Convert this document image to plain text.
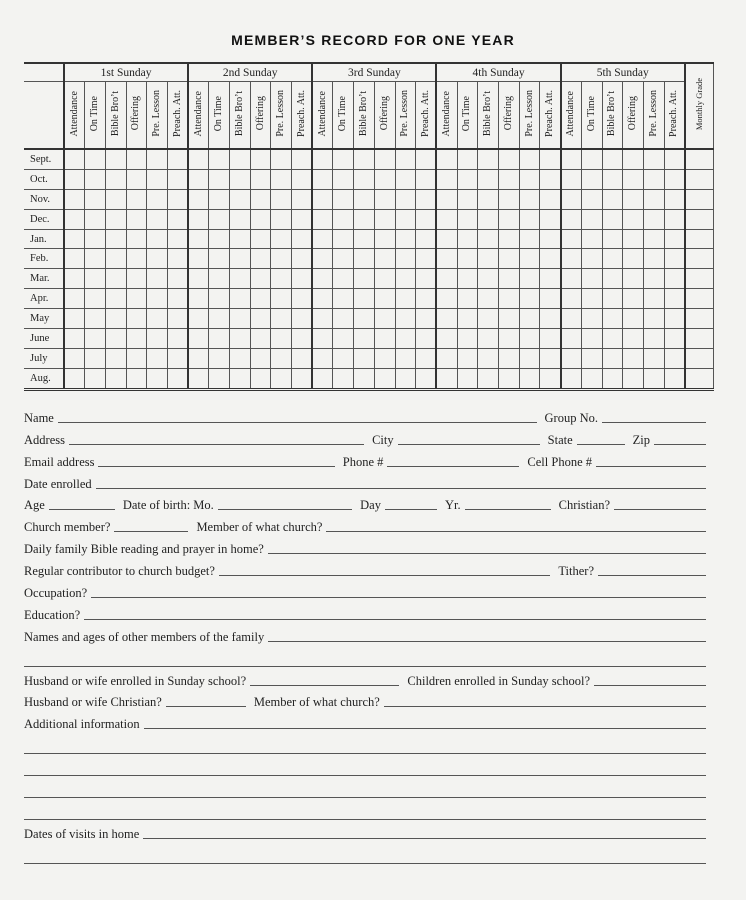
MEMBER’S RECORD FOR ONE YEAR
	1st Sunday						2nd Sunday						3rd Sunday						4th Sunday						5th Sunday						Monthly Grade
	Attendance	On Time	Bible Bro’t	Offering	Pre. Lesson	Preach. Att.	Attendance	On Time	Bible Bro’t	Offering	Pre. Lesson	Preach. Att.	Attendance	On Time	Bible Bro’t	Offering	Pre. Lesson	Preach. Att.	Attendance	On Time	Bible Bro’t	Offering	Pre. Lesson	Preach. Att.	Attendance	On Time	Bible Bro’t	Offering	Pre. Lesson	Preach. Att.	
Sept.																															
Oct.																															
Nov.																															
Dec.																															
Jan.																															
Feb.																															
Mar.																															
Apr.																															
May																															
June																															
July																															
Aug.																															
Name	Group No.
Address	City	State	Zip
Email address	Phone #	Cell Phone #
Date enrolled
Age	Date of birth: Mo.	Day	Yr.	Christian?
Church member?	Member of what church?
Daily family Bible reading and prayer in home?
Regular contributor to church budget?	Tither?
Occupation?
Education?
Names and ages of other members of the family
Husband or wife enrolled in Sunday school?	Children enrolled in Sunday school?
Husband or wife Christian?	Member of what church?
Additional information
Dates of visits in home
